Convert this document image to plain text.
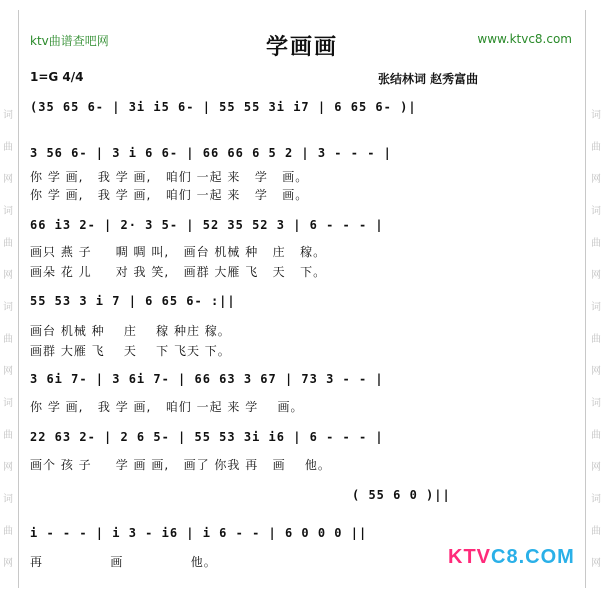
词
曲
网
词
曲
网
词
曲
网
词
曲
网
词
曲
网
词
曲
网
词
曲
网
词
曲
网
词
曲
网
词
曲
网
ktv曲谱查吧网	www.ktvc8.com
学画画
1=G 4/4	张结林词 赵秀富曲
(35 65 6- | 3i i5 6- | 55 55 3i i7 | 6 65 6- )|
3 56 6- | 3 i 6 6- | 66 66 6 5 2 | 3 - - - |
你 学 画,   我 学 画,   咱们 一起 来   学   画。
你 学 画,   我 学 画,   咱们 一起 来   学   画。
66 i3 2- | 2· 3 5- | 52 35 52 3 | 6 - - - |
画只 燕 子     啁 啁 叫,   画台 机械 种   庄   稼。
画朵 花 儿     对 我 笑,   画群 大雁 飞   天   下。
55 53 3 i 7 | 6 65 6- :||
画台 机械 种    庄    稼 种庄 稼。
画群 大雁 飞    天    下 飞天 下。
3 6i 7- | 3 6i 7- | 66 63 3 67 | 73 3 - - |
你 学 画,   我 学 画,   咱们 一起 来 学    画。
22 63 2- | 2 6 5- | 55 53 3i i6 | 6 - - - |
画个 孩 子     学 画 画,   画了 你我 再   画    他。
( 55 6 0 )||
i - - - | i 3 - i6 | i 6 - - | 6 0 0 0 ||
再              画              他。	KTVC8.COM
